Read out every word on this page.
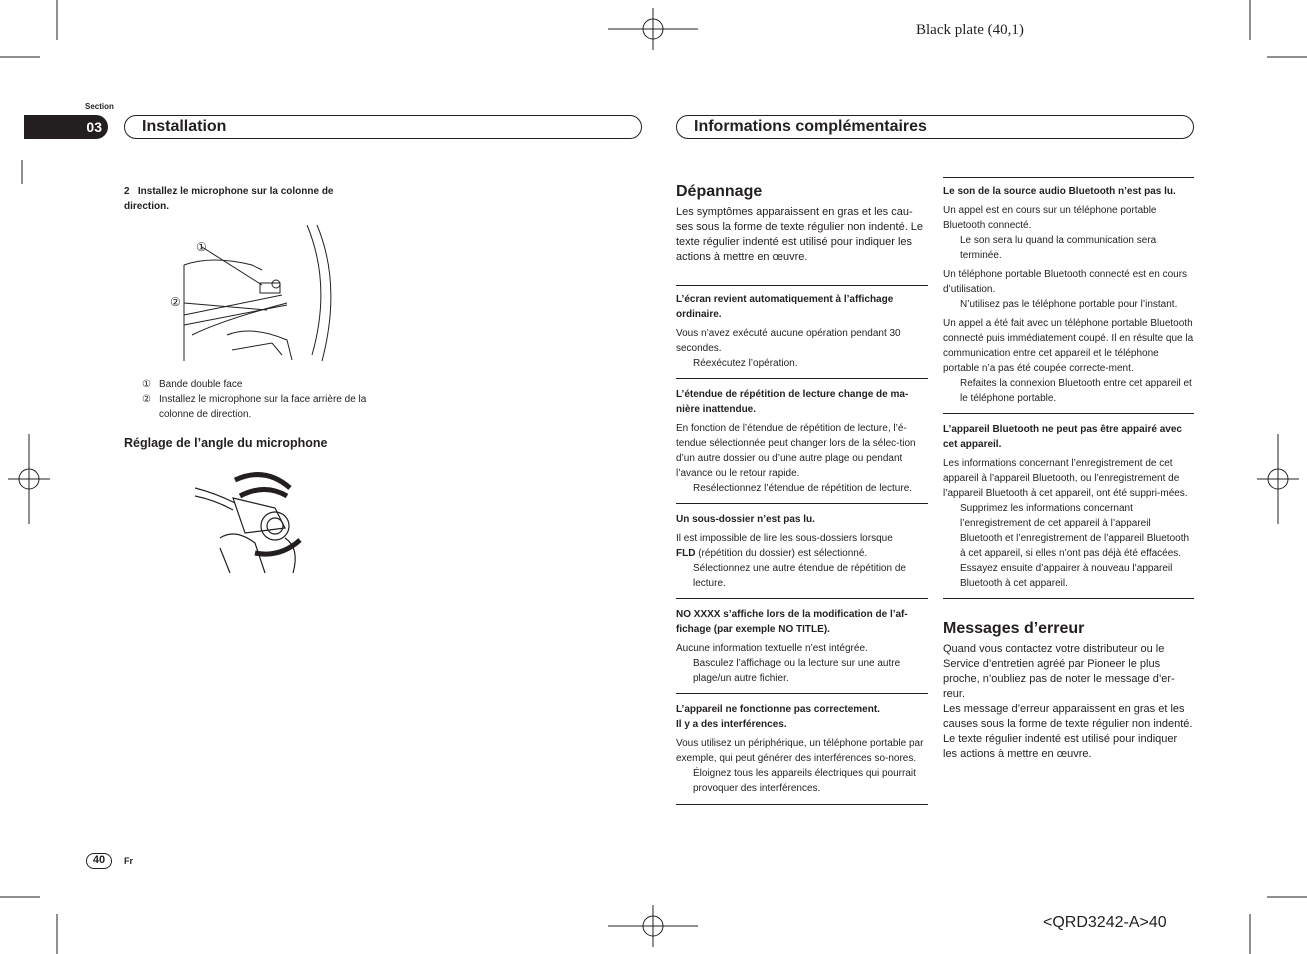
Black plate (40,1)
<QRD3242-A>40
Section
03	Installation	Informations complémentaires

2   Installez le microphone sur la colonne de direction.

①
②
① Bande double face
② Installez le microphone sur la face arrière de la colonne de direction.
Réglage de l’angle du microphone

Dépannage

Les symptômes apparaissent en gras et les cau-ses sous la forme de texte régulier non indenté. Le texte régulier indenté est utilisé pour indiquer les actions à mettre en œuvre.

L’écran revient automatiquement à l’affichage ordinaire.

Vous n’avez exécuté aucune opération pendant 30 secondes.

Réexécutez l’opération.

L’étendue de répétition de lecture change de ma-nière inattendue.

En fonction de l’étendue de répétition de lecture, l’é-tendue sélectionnée peut changer lors de la sélec-tion d’un autre dossier ou d’une autre plage ou pendant l’avance ou le retour rapide.

Resélectionnez l’étendue de répétition de lecture.

Un sous-dossier n’est pas lu.

Il est impossible de lire les sous-dossiers lorsque
FLD (répétition du dossier) est sélectionné.

Sélectionnez une autre étendue de répétition de lecture.

NO XXXX s’affiche lors de la modification de l’af-fichage (par exemple NO TITLE).

Aucune information textuelle n’est intégrée.

Basculez l’affichage ou la lecture sur une autre plage/un autre fichier.

L’appareil ne fonctionne pas correctement.

Il y a des interférences.

Vous utilisez un périphérique, un téléphone portable par exemple, qui peut générer des interférences so-nores.

Éloignez tous les appareils électriques qui pourrait provoquer des interférences.

Le son de la source audio Bluetooth n’est pas lu.

Un appel est en cours sur un téléphone portable Bluetooth connecté.

Le son sera lu quand la communication sera terminée.

Un téléphone portable Bluetooth connecté est en cours d’utilisation.

N’utilisez pas le téléphone portable pour l’instant.

Un appel a été fait avec un téléphone portable Bluetooth connecté puis immédiatement coupé. Il en résulte que la communication entre cet appareil et le téléphone portable n’a pas été coupée correcte-ment.

Refaites la connexion Bluetooth entre cet appareil et le téléphone portable.

L’appareil Bluetooth ne peut pas être appairé avec cet appareil.

Les informations concernant l’enregistrement de cet appareil à l’appareil Bluetooth, ou l’enregistrement de l’appareil Bluetooth à cet appareil, ont été suppri-mées.

Supprimez les informations concernant l’enregistrement de cet appareil à l’appareil Bluetooth et l’enregistrement de l’appareil Bluetooth à cet appareil, si elles n’ont pas déjà été effacées. Essayez ensuite d’appairer à nouveau l’appareil Bluetooth à cet appareil.

Messages d’erreur

Quand vous contactez votre distributeur ou le Service d’entretien agréé par Pioneer le plus proche, n’oubliez pas de noter le message d’er-reur.

Les message d’erreur apparaissent en gras et les causes sous la forme de texte régulier non indenté. Le texte régulier indenté est utilisé pour indiquer les actions à mettre en œuvre.

40	Fr
